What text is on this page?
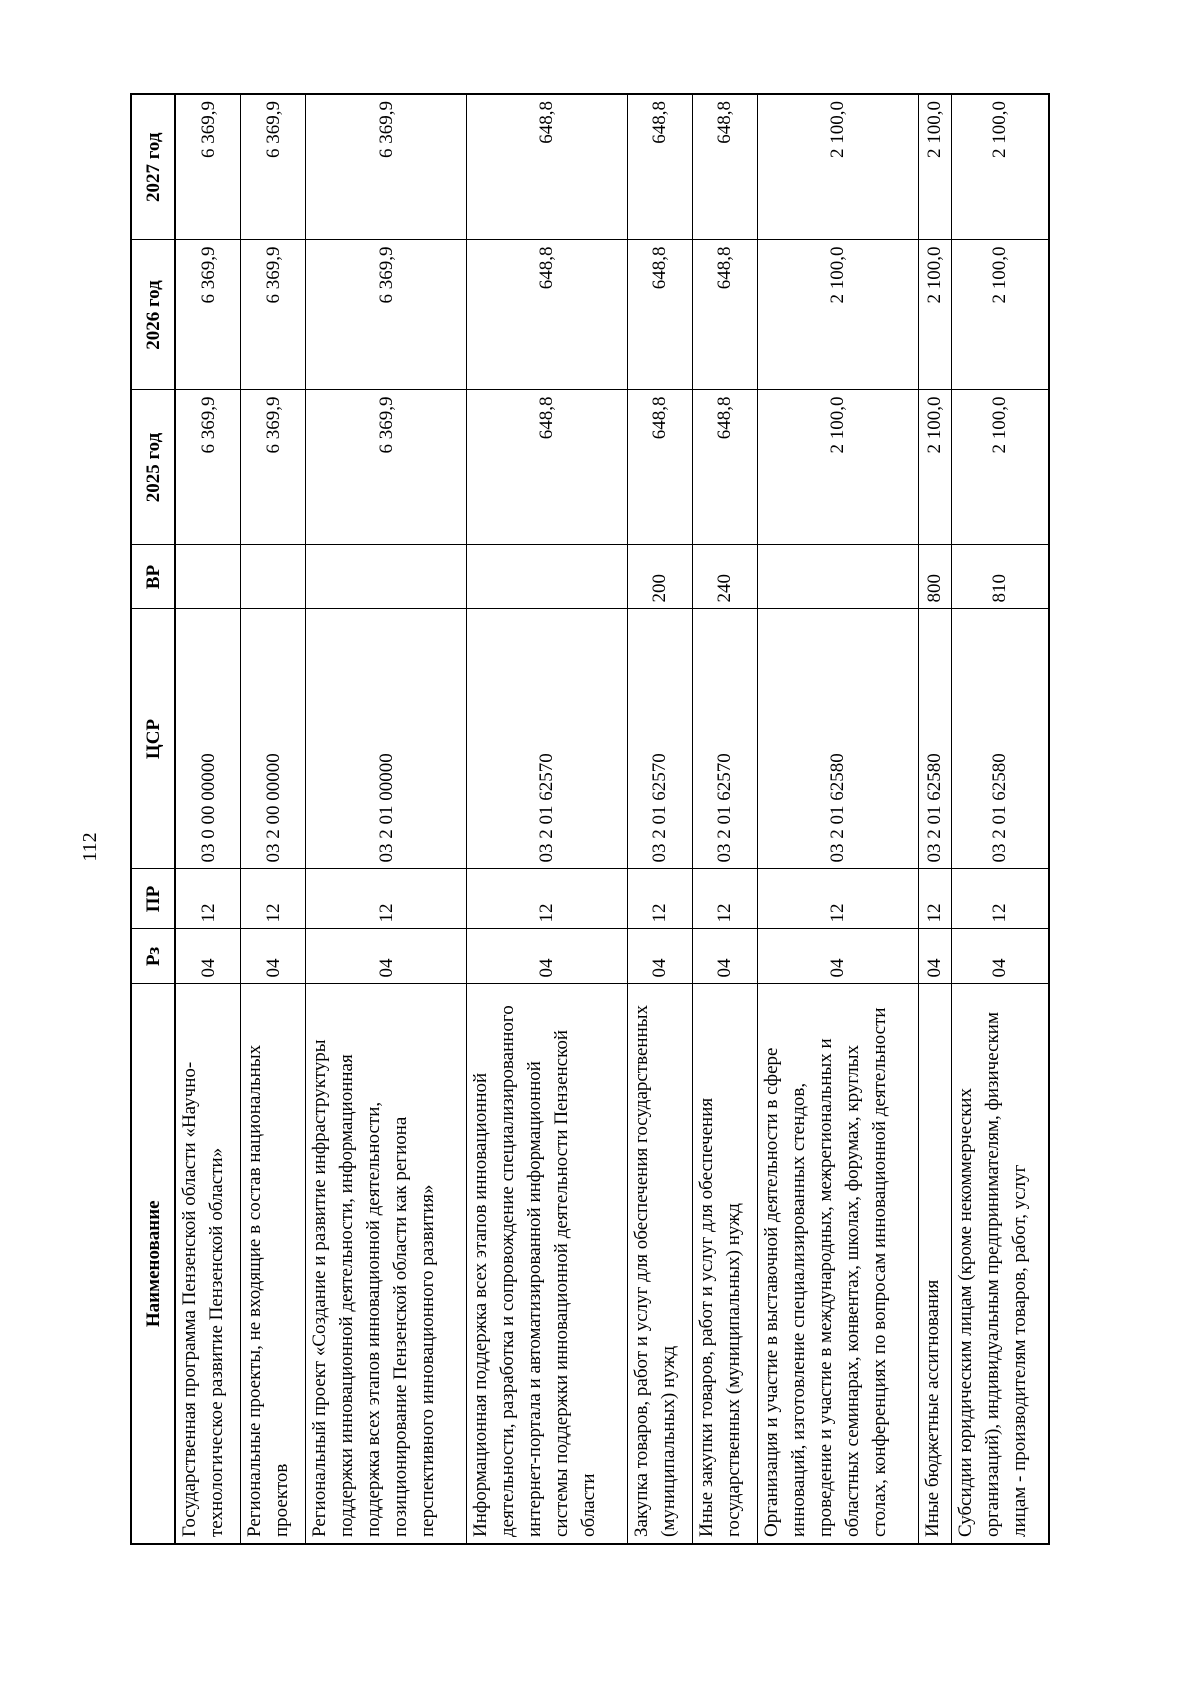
112
Наименование	Рз	ПР	ЦСР	ВР	2025 год	2026 год	2027 год
Государственная программа Пензенской области «Научно-технологическое развитие Пензенской области»	04	12	03 0 00 00000		6 369,9	6 369,9	6 369,9
Региональные проекты, не входящие в состав национальных проектов	04	12	03 2 00 00000		6 369,9	6 369,9	6 369,9
Региональный проект «Создание и развитие инфраструктуры поддержки инновационной деятельности, информационная поддержка всех этапов инновационной деятельности, позиционирование Пензенской области как региона перспективного инновационного развития»	04	12	03 2 01 00000		6 369,9	6 369,9	6 369,9
Информационная поддержка всех этапов инновационной деятельности, разработка и сопровождение специализированного интернет-портала и автоматизированной информационной системы поддержки инновационной деятельности Пензенской области	04	12	03 2 01 62570		648,8	648,8	648,8
Закупка товаров, работ и услуг для обеспечения государственных (муниципальных) нужд	04	12	03 2 01 62570	200	648,8	648,8	648,8
Иные закупки товаров, работ и услуг для обеспечения государственных (муниципальных) нужд	04	12	03 2 01 62570	240	648,8	648,8	648,8
Организация и участие в выставочной деятельности в сфере инноваций, изготовление специализированных стендов, проведение и участие в международных, межрегиональных и областных семинарах, конвентах, школах, форумах, круглых столах, конференциях по вопросам инновационной деятельности	04	12	03 2 01 62580		2 100,0	2 100,0	2 100,0
Иные бюджетные ассигнования	04	12	03 2 01 62580	800	2 100,0	2 100,0	2 100,0
Субсидии юридическим лицам (кроме некоммерческих организаций), индивидуальным предпринимателям, физическим лицам - производителям товаров, работ, услуг	04	12	03 2 01 62580	810	2 100,0	2 100,0	2 100,0
